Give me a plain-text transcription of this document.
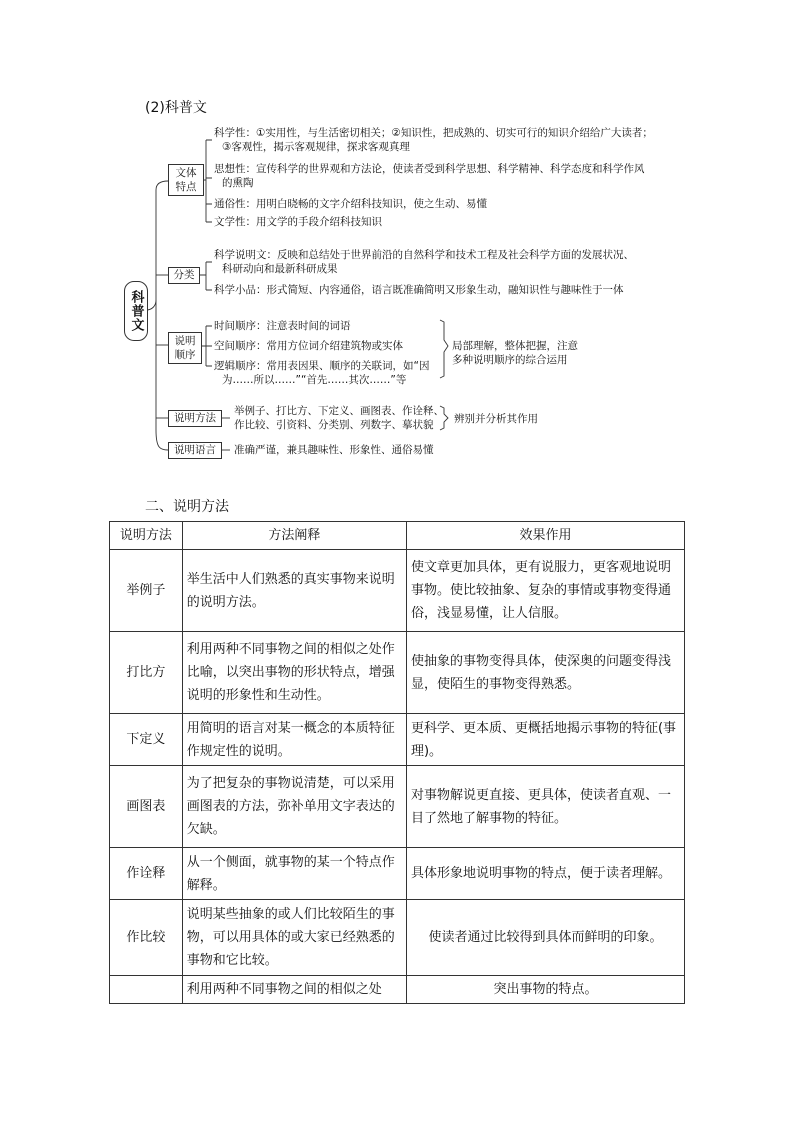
(2)科普文
科普文
文体特点
科学性：①实用性，与生活密切相关；②知识性，把成熟的、切实可行的知识介绍给广大读者；
③客观性，揭示客观规律，探求客观真理
思想性：宣传科学的世界观和方法论，使读者受到科学思想、科学精神、科学态度和科学作风
的熏陶
通俗性：用明白晓畅的文字介绍科技知识，使之生动、易懂
文学性：用文学的手段介绍科技知识
分类
科学说明文：反映和总结处于世界前沿的自然科学和技术工程及社会科学方面的发展状况、
科研动向和最新科研成果
科学小品：形式简短、内容通俗，语言既准确简明又形象生动，融知识性与趣味性于一体
说明顺序
时间顺序：注意表时间的词语
空间顺序：常用方位词介绍建筑物或实体
逻辑顺序：常用表因果、顺序的关联词，如“因
为……所以……”“首先……其次……”等
局部理解，整体把握，注意
多种说明顺序的综合运用
说明方法
举例子、打比方、下定义、画图表、作诠释、
作比较、引资料、分类别、列数字、摹状貌 辨别并分析其作用
说明语言	准确严谨，兼具趣味性、形象性、通俗易懂
二、说明方法
说明方法	方法阐释	效果作用
举例子	举生活中人们熟悉的真实事物来说明的说明方法。	使文章更加具体，更有说服力，更客观地说明事物。使比较抽象、复杂的事情或事物变得通俗，浅显易懂，让人信服。
打比方	利用两种不同事物之间的相似之处作比喻，以突出事物的形状特点，增强说明的形象性和生动性。	使抽象的事物变得具体，使深奥的问题变得浅显，使陌生的事物变得熟悉。
下定义	用简明的语言对某一概念的本质特征作规定性的说明。	更科学、更本质、更概括地揭示事物的特征(事理)。
画图表	为了把复杂的事物说清楚，可以采用画图表的方法，弥补单用文字表达的欠缺。	对事物解说更直接、更具体，使读者直观、一目了然地了解事物的特征。
作诠释	从一个侧面，就事物的某一个特点作解释。	具体形象地说明事物的特点，便于读者理解。
作比较	说明某些抽象的或人们比较陌生的事物，可以用具体的或大家已经熟悉的事物和它比较。	使读者通过比较得到具体而鲜明的印象。
	利用两种不同事物之间的相似之处	突出事物的特点。
